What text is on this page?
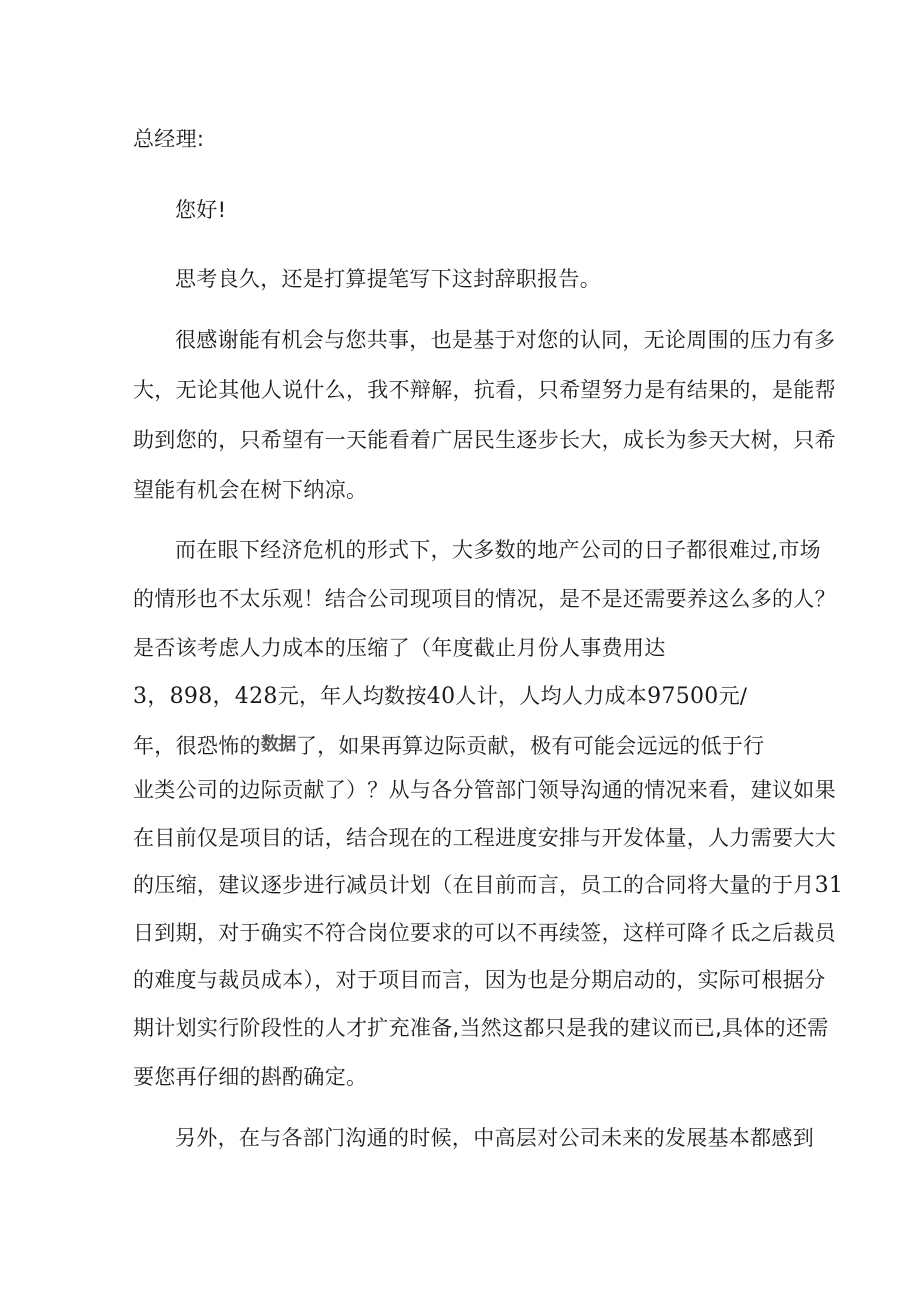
总经理:
您好!
思考良久，还是打算提笔写下这封辞职报告。
很感谢能有机会与您共事，也是基于对您的认同，无论周围的压力有多
大，无论其他人说什么，我不辩解，抗看，只希望努力是有结果的，是能帮
助到您的，只希望有一天能看着广居民生逐步长大，成长为参天大树，只希
望能有机会在树下纳凉。
而在眼下经济危机的形式下，大多数的地产公司的日子都很难过,市场
的情形也不太乐观！结合公司现项目的情况，是不是还需要养这么多的人？
是否该考虑人力成本的压缩了（年度截止月份人事费用达
3，898，428元，年人均数按40人计，人均人力成本97500元/
年，很恐怖的数据了，如果再算边际贡献，极有可能会远远的低于行
业类公司的边际贡献了）？从与各分管部门领导沟通的情况来看，建议如果
在目前仅是项目的话，结合现在的工程进度安排与开发体量，人力需要大大
的压缩，建议逐步进行减员计划（在目前而言，员工的合同将大量的于月31
日到期，对于确实不符合岗位要求的可以不再续签，这样可降彳氐之后裁员
的难度与裁员成本），对于项目而言，因为也是分期启动的，实际可根据分
期计划实行阶段性的人才扩充准备,当然这都只是我的建议而已,具体的还需
要您再仔细的斟酌确定。
另外，在与各部门沟通的时候，中高层对公司未来的发展基本都感到
